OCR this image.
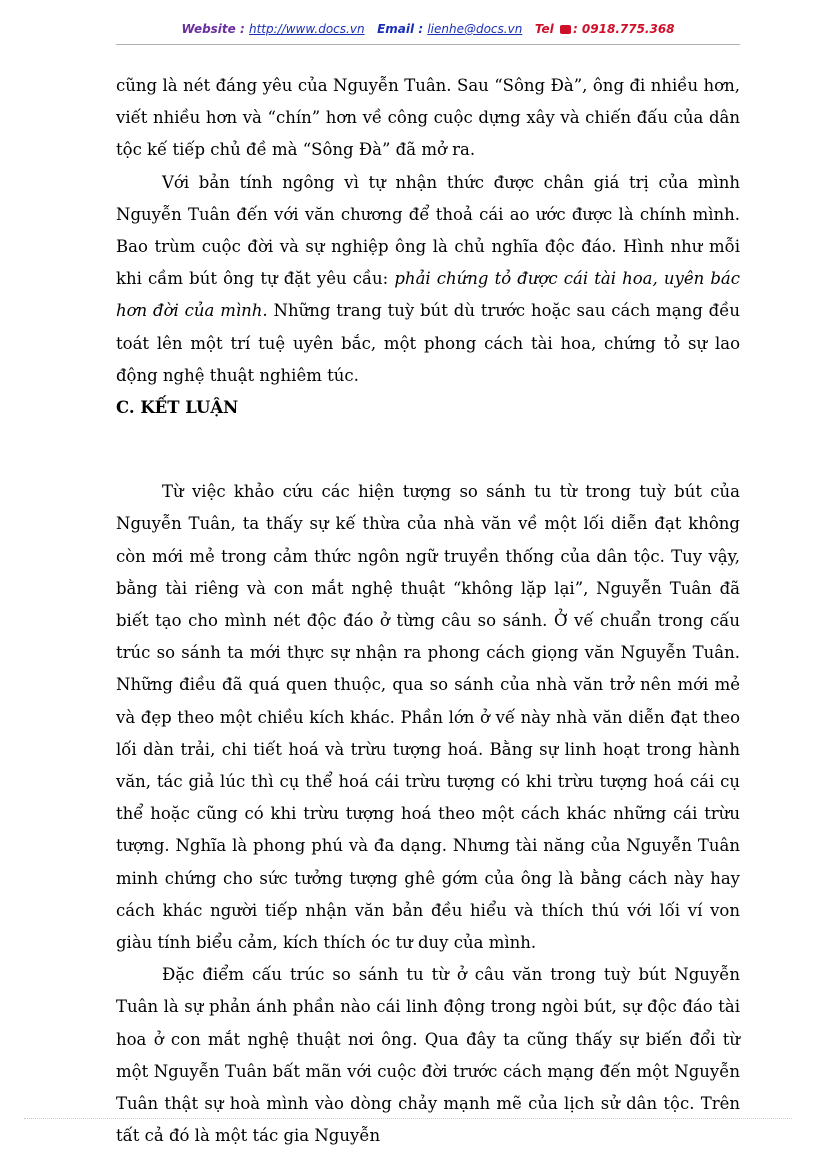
Website : http://www.docs.vn Email : lienhe@docs.vn Tel : 0918.775.368

cũng là nét đáng yêu của Nguyễn Tuân. Sau “Sông Đà”, ông đi nhiều hơn, viết nhiều hơn và “chín” hơn về công cuộc dựng xây và chiến đấu của dân tộc kế tiếp chủ đề mà “Sông Đà” đã mở ra.

Với bản tính ngông vì tự nhận thức được chân giá trị của mình Nguyễn Tuân đến với văn chương để thoả cái ao ước được là chính mình. Bao trùm cuộc đời và sự nghiệp ông là chủ nghĩa độc đáo. Hình như mỗi khi cầm bút ông tự đặt yêu cầu: phải chứng tỏ được cái tài hoa, uyên bác hơn đời của mình. Những trang tuỳ bút dù trước hoặc sau cách mạng đều toát lên một trí tuệ uyên bắc, một phong cách tài hoa, chứng tỏ sự lao động nghệ thuật nghiêm túc.

C. KẾT LUẬN

Từ việc khảo cứu các hiện tượng so sánh tu từ trong tuỳ bút của Nguyễn Tuân, ta thấy sự kế thừa của nhà văn về một lối diễn đạt không còn mới mẻ trong cảm thức ngôn ngữ truyền thống của dân tộc. Tuy vậy, bằng tài riêng và con mắt nghệ thuật “không lặp lại”, Nguyễn Tuân đã biết tạo cho mình nét độc đáo ở từng câu so sánh. Ở vế chuẩn trong cấu trúc so sánh ta mới thực sự nhận ra phong cách giọng văn Nguyễn Tuân. Những điều đã quá quen thuộc, qua so sánh của nhà văn trở nên mới mẻ và đẹp theo một chiều kích khác. Phần lớn ở vế này nhà văn diễn đạt theo lối dàn trải, chi tiết hoá và trừu tượng hoá. Bằng sự linh hoạt trong hành văn, tác giả lúc thì cụ thể hoá cái trừu tượng có khi trừu tượng hoá cái cụ thể hoặc cũng có khi trừu tượng hoá theo một cách khác những cái trừu tượng. Nghĩa là phong phú và đa dạng. Nhưng tài năng của Nguyễn Tuân minh chứng cho sức tưởng tượng ghê gớm của ông là bằng cách này hay cách khác người tiếp nhận văn bản đều hiểu và thích thú với lối ví von giàu tính biểu cảm, kích thích óc tư duy của mình.

Đặc điểm cấu trúc so sánh tu từ ở câu văn trong tuỳ bút Nguyễn Tuân là sự phản ánh phần nào cái linh động trong ngòi bút, sự độc đáo tài hoa ở con mắt nghệ thuật nơi ông. Qua đây ta cũng thấy sự biến đổi từ một Nguyễn Tuân bất mãn với cuộc đời trước cách mạng đến một Nguyễn Tuân thật sự hoà mình vào dòng chảy mạnh mẽ của lịch sử dân tộc. Trên tất cả đó là một tác gia Nguyễn
